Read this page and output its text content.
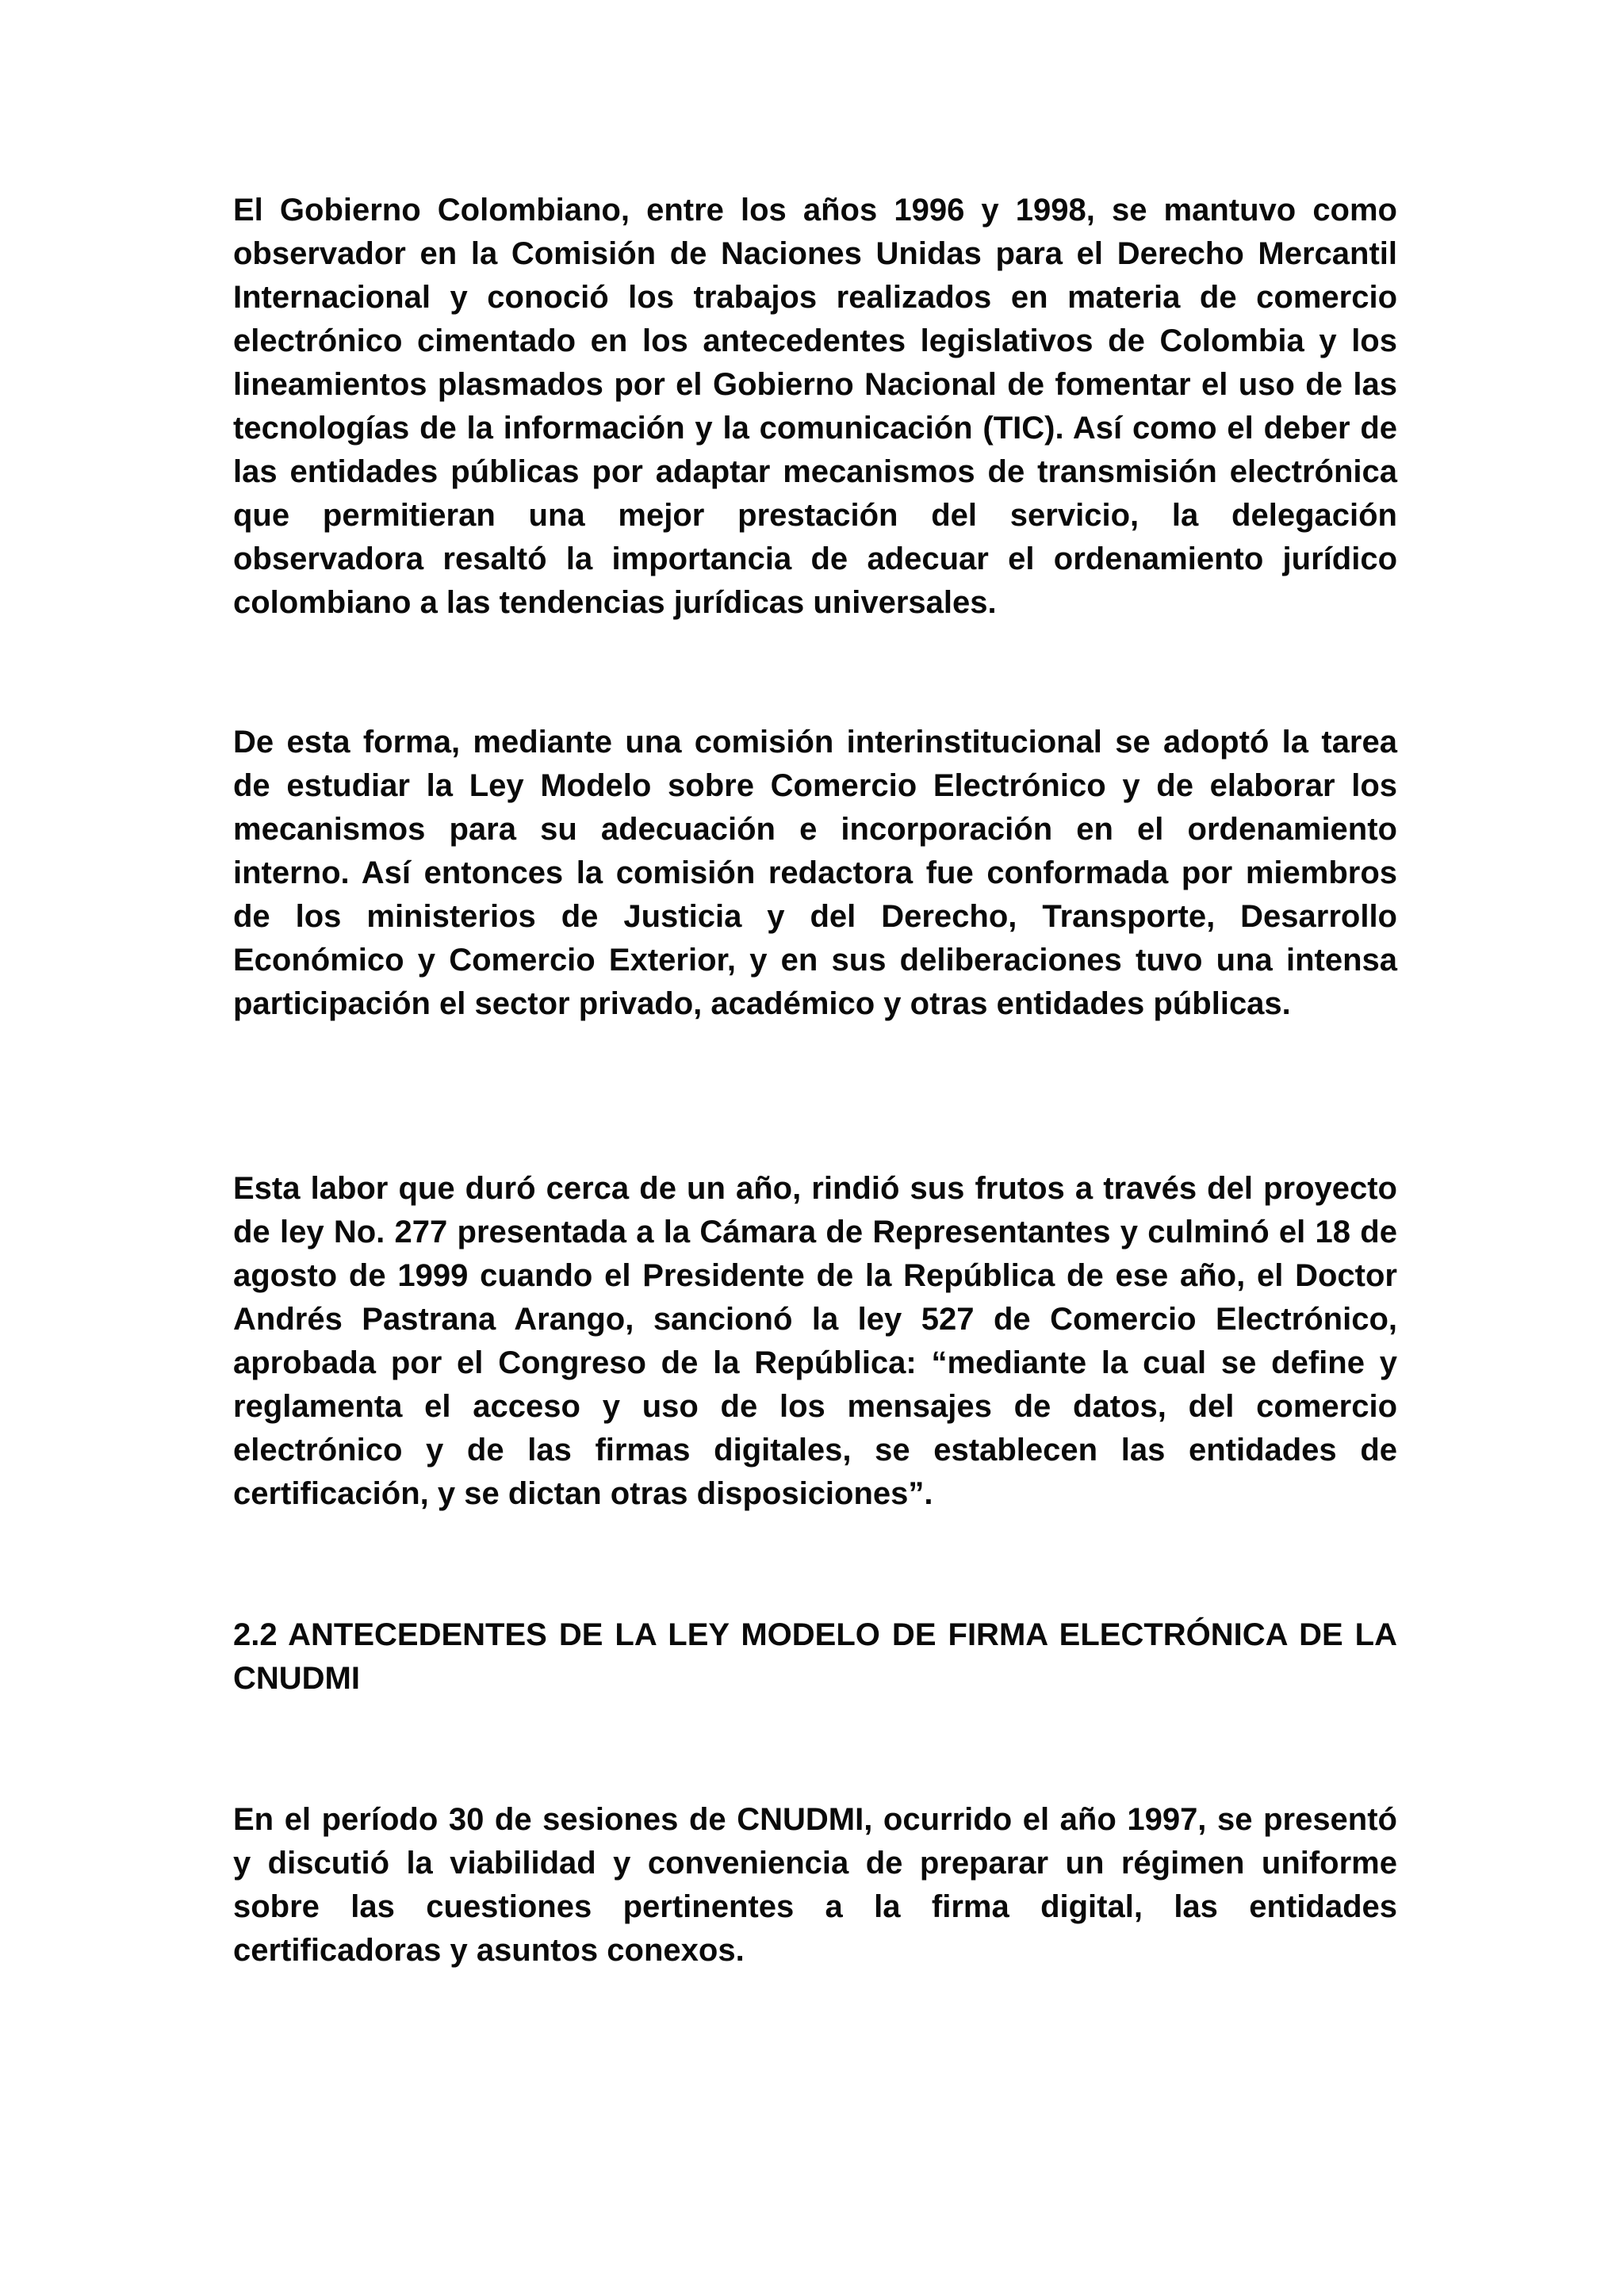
El Gobierno Colombiano, entre los años 1996 y 1998, se mantuvo como observador en la Comisión de Naciones Unidas para el Derecho Mercantil Internacional y conoció los trabajos realizados en materia de comercio electrónico cimentado en los antecedentes legislativos de Colombia y los lineamientos plasmados por el Gobierno Nacional de fomentar el uso de las tecnologías de la información y la comunicación (TIC). Así como el deber de las entidades públicas por adaptar mecanismos de transmisión electrónica que permitieran una mejor prestación del servicio, la delegación observadora resaltó la importancia de adecuar el ordenamiento jurídico colombiano a las tendencias jurídicas universales.

De esta forma, mediante una comisión interinstitucional se adoptó la tarea de estudiar la Ley Modelo sobre Comercio Electrónico y de elaborar los mecanismos para su adecuación e incorporación en el ordenamiento interno. Así entonces la comisión redactora fue conformada por miembros de los ministerios de Justicia y del Derecho, Transporte, Desarrollo Económico y Comercio Exterior, y en sus deliberaciones tuvo una intensa participación el sector privado, académico y otras entidades públicas.

Esta labor que duró cerca de un año, rindió sus frutos a través del proyecto de ley No. 277 presentada a la Cámara de Representantes y culminó el 18 de agosto de 1999 cuando el Presidente de la República de ese año, el Doctor Andrés Pastrana Arango, sancionó la ley 527 de Comercio Electrónico, aprobada por el Congreso de la República: “mediante la cual se define y reglamenta el acceso y uso de los mensajes de datos, del comercio electrónico y de las firmas digitales, se establecen las entidades de certificación, y se dictan otras disposiciones”.

2.2 ANTECEDENTES DE LA LEY MODELO DE FIRMA ELECTRÓNICA DE LA CNUDMI

En el período 30 de sesiones de CNUDMI, ocurrido el año 1997, se presentó y discutió la viabilidad y conveniencia de preparar un régimen uniforme sobre las cuestiones pertinentes a la firma digital, las entidades certificadoras y asuntos conexos.
